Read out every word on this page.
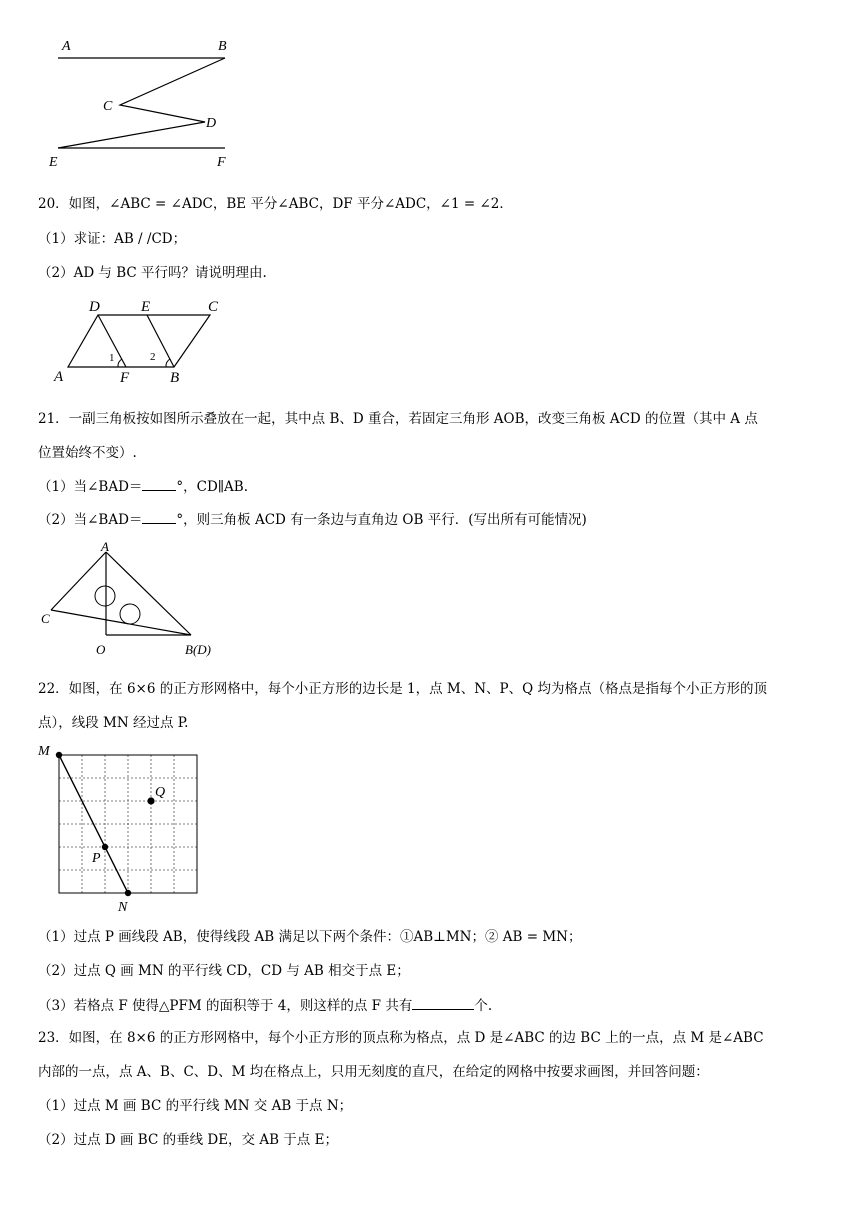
A	B
C
D
E	F
20．如图，∠ABC = ∠ADC，BE 平分∠ABC，DF 平分∠ADC，∠1 = ∠2．
（1）求证：AB / /CD；
（2）AD 与 BC 平行吗？请说明理由.
D	E	C
A	F	B
1	2
21．一副三角板按如图所示叠放在一起，其中点 B、D 重合，若固定三角形 AOB，改变三角板 ACD 的位置（其中 A 点
位置始终不变）.
（1）当∠BAD＝	°，CD∥AB.
（2）当∠BAD＝	°，则三角板 ACD 有一条边与直角边 OB 平行．(写出所有可能情况)
A
C
O	B(D)
22．如图，在 6×6 的正方形网格中，每个小正方形的边长是 1，点 M、N、P、Q 均为格点（格点是指每个小正方形的顶
点），线段 MN 经过点 P.
M
P
Q
N
（1）过点 P 画线段 AB，使得线段 AB 满足以下两个条件：①AB⊥MN；② AB = MN；
（2）过点 Q 画 MN 的平行线 CD，CD 与 AB 相交于点 E；
（3）若格点 F 使得△PFM 的面积等于 4，则这样的点 F 共有	个.
23．如图，在 8×6 的正方形网格中，每个小正方形的顶点称为格点，点 D 是∠ABC 的边 BC 上的一点，点 M 是∠ABC
内部的一点，点 A、B、C、D、M 均在格点上，只用无刻度的直尺，在给定的网格中按要求画图，并回答问题：
（1）过点 M 画 BC 的平行线 MN 交 AB 于点 N；
（2）过点 D 画 BC 的垂线 DE，交 AB 于点 E；
